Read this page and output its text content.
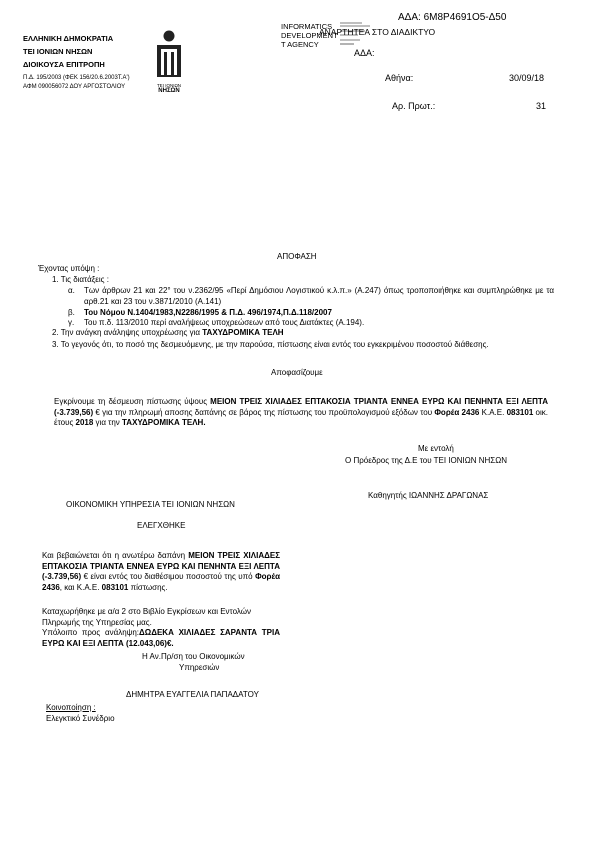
ΑΔΑ: 6Μ8Ρ4691Ο5-Δ50
INFORMATICS
DEVELOPMENT
T AGENCY
ΑΝΑΡΤΗΤΕΑ ΣΤΟ ΔΙΑΔΙΚΤΥΟ
ΑΔΑ:
ΕΛΛΗΝΙΚΗ ΔΗΜΟΚΡΑΤΙΑ
ΤΕΙ ΙΟΝΙΩΝ ΝΗΣΩΝ
ΔΙΟΙΚΟΥΣΑ ΕΠΙΤΡΟΠΗ
Π.Δ. 195/2003 (ΦΕΚ 156/20.6.2003Τ.Α')
ΑΦΜ 090056072 ΔΟΥ ΑΡΓΟΣΤΟΛΙΟΥ	ΤΕΙ ΙΟΝΙΩΝ
ΝΗΣΩΝ
Αθήνα:	30/09/18
Αρ. Πρωτ.:	31
ΑΠΟΦΑΣΗ
Έχοντας υπόψη :
1. Τις διατάξεις :
α. Των άρθρων 21 και 22° του ν.2362/95 «Περί Δημόσιου Λογιστικού κ.λ.π.» (Α.247) όπως τροποποιήθηκε και συμπληρώθηκε με τα αρθ.21 και 23 του ν.3871/2010 (Α.141)
β. Του Νόμου Ν.1404/1983,Ν2286/1995 & Π.Δ. 496/1974,Π.Δ.118/2007
γ. Του π.δ. 113/2010 περί αναλήψεως υποχρεώσεων από τους Διατάκτες (Α.194).
2. Την ανάγκη ανάληψης υποχρέωσης για ΤΑΧΥΔΡΟΜΙΚΑ ΤΕΛΗ
3. Το γεγονός ότι, το ποσό της δεσμευόμενης, με την παρούσα, πίστωσης είναι εντός του εγκεκριμένου ποσοστού διάθεσης.
Αποφασίζουμε
Εγκρίνουμε τη δέσμευση πίστωσης ύψους ΜΕΙΟΝ ΤΡΕΙΣ ΧΙΛΙΑΔΕΣ ΕΠΤΑΚΟΣΙΑ ΤΡΙΑΝΤΑ ΕΝΝΕΑ ΕΥΡΩ ΚΑΙ ΠΕΝΗΝΤΑ ΕΞΙ ΛΕΠΤΑ (-3.739,56) € για την πληρωμή αποσης δαπάνης σε βάρος της πίστωσης του προϋπολογισμού εξόδων του Φορέα 2436 Κ.Α.Ε. 083101 οικ. έτους 2018 για την ΤΑΧΥΔΡΟΜΙΚΑ ΤΕΛΗ.
Με εντολή
Ο Πρόεδρος της Δ.Ε του ΤΕΙ ΙΟΝΙΩΝ ΝΗΣΩΝ
Καθηγητής ΙΩΑΝΝΗΣ ΔΡΑΓΩΝΑΣ
ΟΙΚΟΝΟΜΙΚΗ ΥΠΗΡΕΣΙΑ ΤΕΙ ΙΟΝΙΩΝ ΝΗΣΩΝ
ΕΛΕΓΧΘΗΚΕ
Και βεβαιώνεται ότι η ανωτέρω δαπάνη ΜΕΙΟΝ ΤΡΕΙΣ ΧΙΛΙΑΔΕΣ ΕΠΤΑΚΟΣΙΑ ΤΡΙΑΝΤΑ ΕΝΝΕΑ ΕΥΡΩ ΚΑΙ ΠΕΝΗΝΤΑ ΕΞΙ ΛΕΠΤΑ (-3.739,56) € είναι εντός του διαθέσιμου ποσοστού της υπό Φορέα 2436, και Κ.Α.Ε. 083101 πίστωσης.
Καταχωρήθηκε με α/α 2 στο Βιβλίο Εγκρίσεων και Εντολών Πληρωμής της Υπηρεσίας μας.
Υπόλοιπο προς ανάληψη:ΔΩΔΕΚΑ ΧΙΛΙΑΔΕΣ ΣΑΡΑΝΤΑ ΤΡΙΑ ΕΥΡΩ ΚΑΙ ΕΞΙ ΛΕΠΤΑ (12.043,06)€.
Η Αν.Πρ/ση του Οικονομικών
Υπηρεσιών
ΔΗΜΗΤΡΑ ΕΥΑΓΓΕΛΙΑ ΠΑΠΑΔΑΤΟΥ
Κοινοποίηση :
Ελεγκτικό Συνέδριο
